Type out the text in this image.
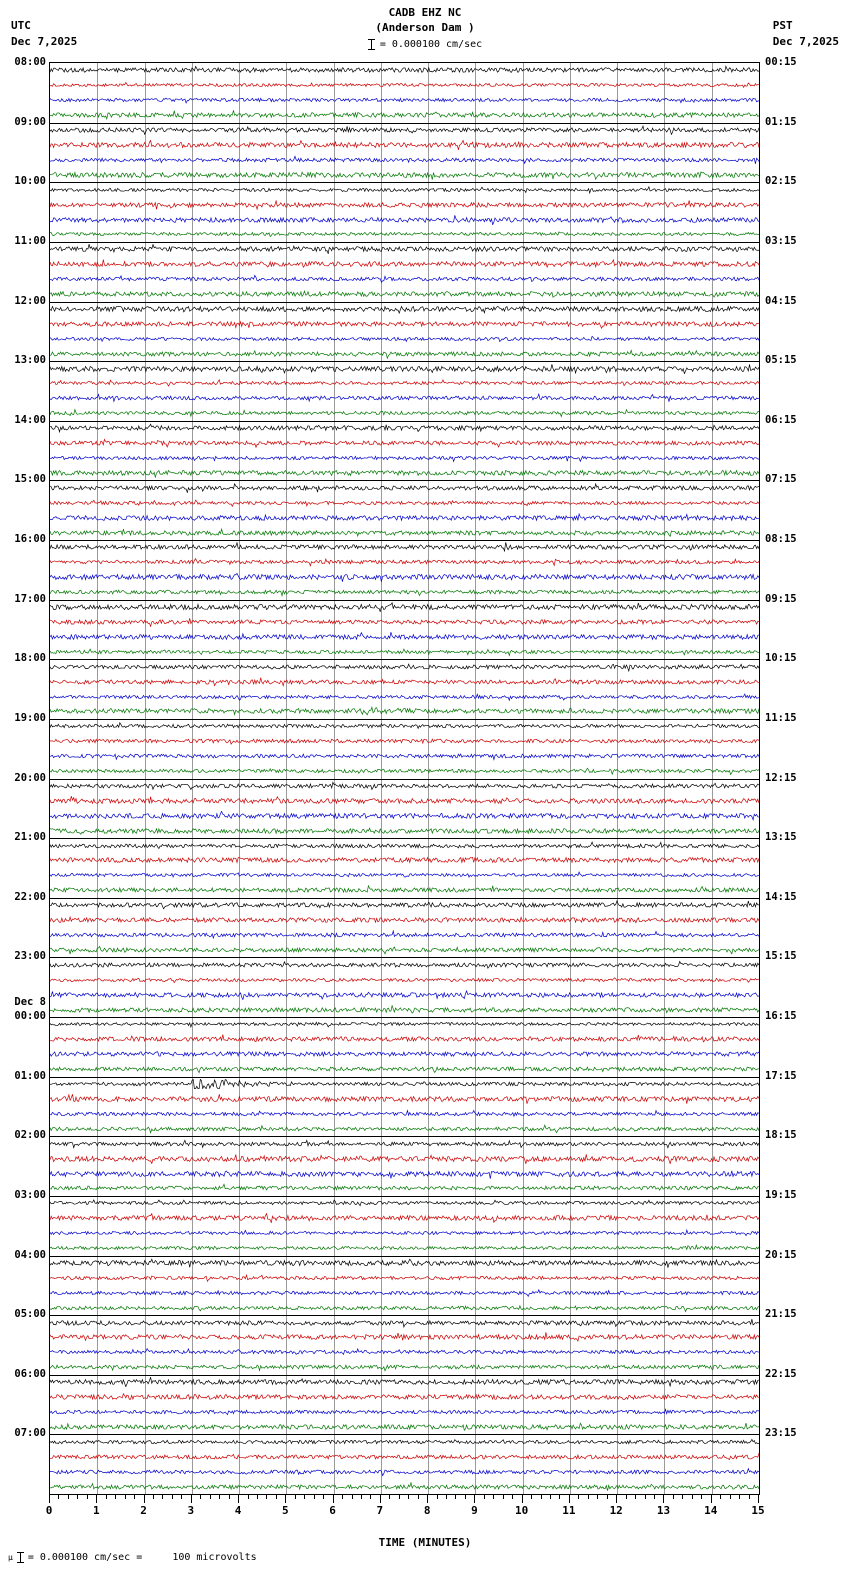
UTC
Dec 7,2025
CADB EHZ NC
(Anderson Dam )
= 0.000100 cm/sec
PST
Dec 7,2025
0	1	2	3	4	5	6	7	8	9	10	11	12	13	14	15
TIME (MINUTES)
μ = 0.000100 cm/sec =     100 microvolts
08:00	00:15
09:00	01:15
10:00	02:15
11:00	03:15
12:00	04:15
13:00	05:15
14:00	06:15
15:00	07:15
16:00	08:15
17:00	09:15
18:00	10:15
19:00	11:15
20:00	12:15
21:00	13:15
22:00	14:15
23:00	15:15
00:00	16:15
01:00	17:15
02:00	18:15
03:00	19:15
04:00	20:15
05:00	21:15
06:00	22:15
07:00	23:15
Dec 8
